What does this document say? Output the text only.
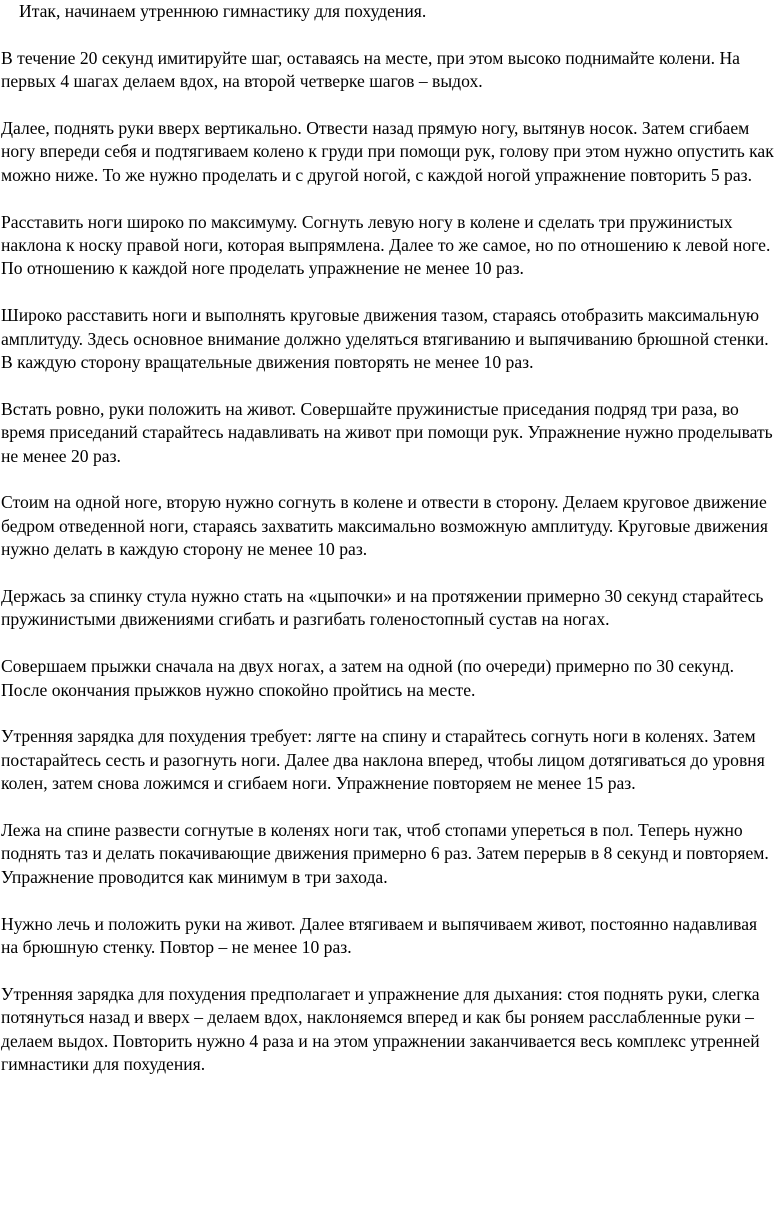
Итак, начинаем утреннюю гимнастику для похудения.

В течение 20 секунд имитируйте шаг, оставаясь на месте, при этом высоко поднимайте колени. На первых 4 шагах делаем вдох, на второй четверке шагов – выдох.

Далее, поднять руки вверх вертикально. Отвести назад прямую ногу, вытянув носок. Затем сгибаем ногу впереди себя и подтягиваем колено к груди при помощи рук, голову при этом нужно опустить как можно ниже. То же нужно проделать и с другой ногой, с каждой ногой упражнение повторить 5 раз.

Расставить ноги широко по максимуму. Согнуть левую ногу в колене и сделать три пружинистых наклона к носку правой ноги, которая выпрямлена. Далее то же самое, но по отношению к левой ноге. По отношению к каждой ноге проделать упражнение не менее 10 раз.

Широко расставить ноги и выполнять круговые движения тазом, стараясь отобразить максимальную амплитуду. Здесь основное внимание должно уделяться втягиванию и выпячиванию брюшной стенки. В каждую сторону вращательные движения повторять не менее 10 раз.

Встать ровно, руки положить на живот. Совершайте пружинистые приседания подряд три раза, во время приседаний старайтесь надавливать на живот при помощи рук. Упражнение нужно проделывать не менее 20 раз.

Стоим на одной ноге, вторую нужно согнуть в колене и отвести в сторону. Делаем круговое движение бедром отведенной ноги, стараясь захватить максимально возможную амплитуду. Круговые движения нужно делать в каждую сторону не менее 10 раз.

Держась за спинку стула нужно стать на «цыпочки» и на протяжении примерно 30 секунд старайтесь пружинистыми движениями сгибать и разгибать голеностопный сустав на ногах.

Совершаем прыжки сначала на двух ногах, а затем на одной (по очереди) примерно по 30 секунд. После окончания прыжков нужно спокойно пройтись на месте.

Утренняя зарядка для похудения требует: лягте на спину и старайтесь согнуть ноги в коленях. Затем постарайтесь сесть и разогнуть ноги. Далее два наклона вперед, чтобы лицом дотягиваться до уровня колен, затем снова ложимся и сгибаем ноги. Упражнение повторяем не менее 15 раз.

Лежа на спине развести согнутые в коленях ноги так, чтоб стопами упереться в пол. Теперь нужно поднять таз и делать покачивающие движения примерно 6 раз. Затем перерыв в 8 секунд и повторяем. Упражнение проводится как минимум в три захода.

Нужно лечь и положить руки на живот. Далее втягиваем и выпячиваем живот, постоянно надавливая на брюшную стенку. Повтор – не менее 10 раз.

Утренняя зарядка для похудения предполагает и упражнение для дыхания: стоя поднять руки, слегка потянуться назад и вверх – делаем вдох, наклоняемся вперед и как бы роняем расслабленные руки – делаем выдох. Повторить нужно 4 раза и на этом упражнении заканчивается весь комплекс утренней гимнастики для похудения.
